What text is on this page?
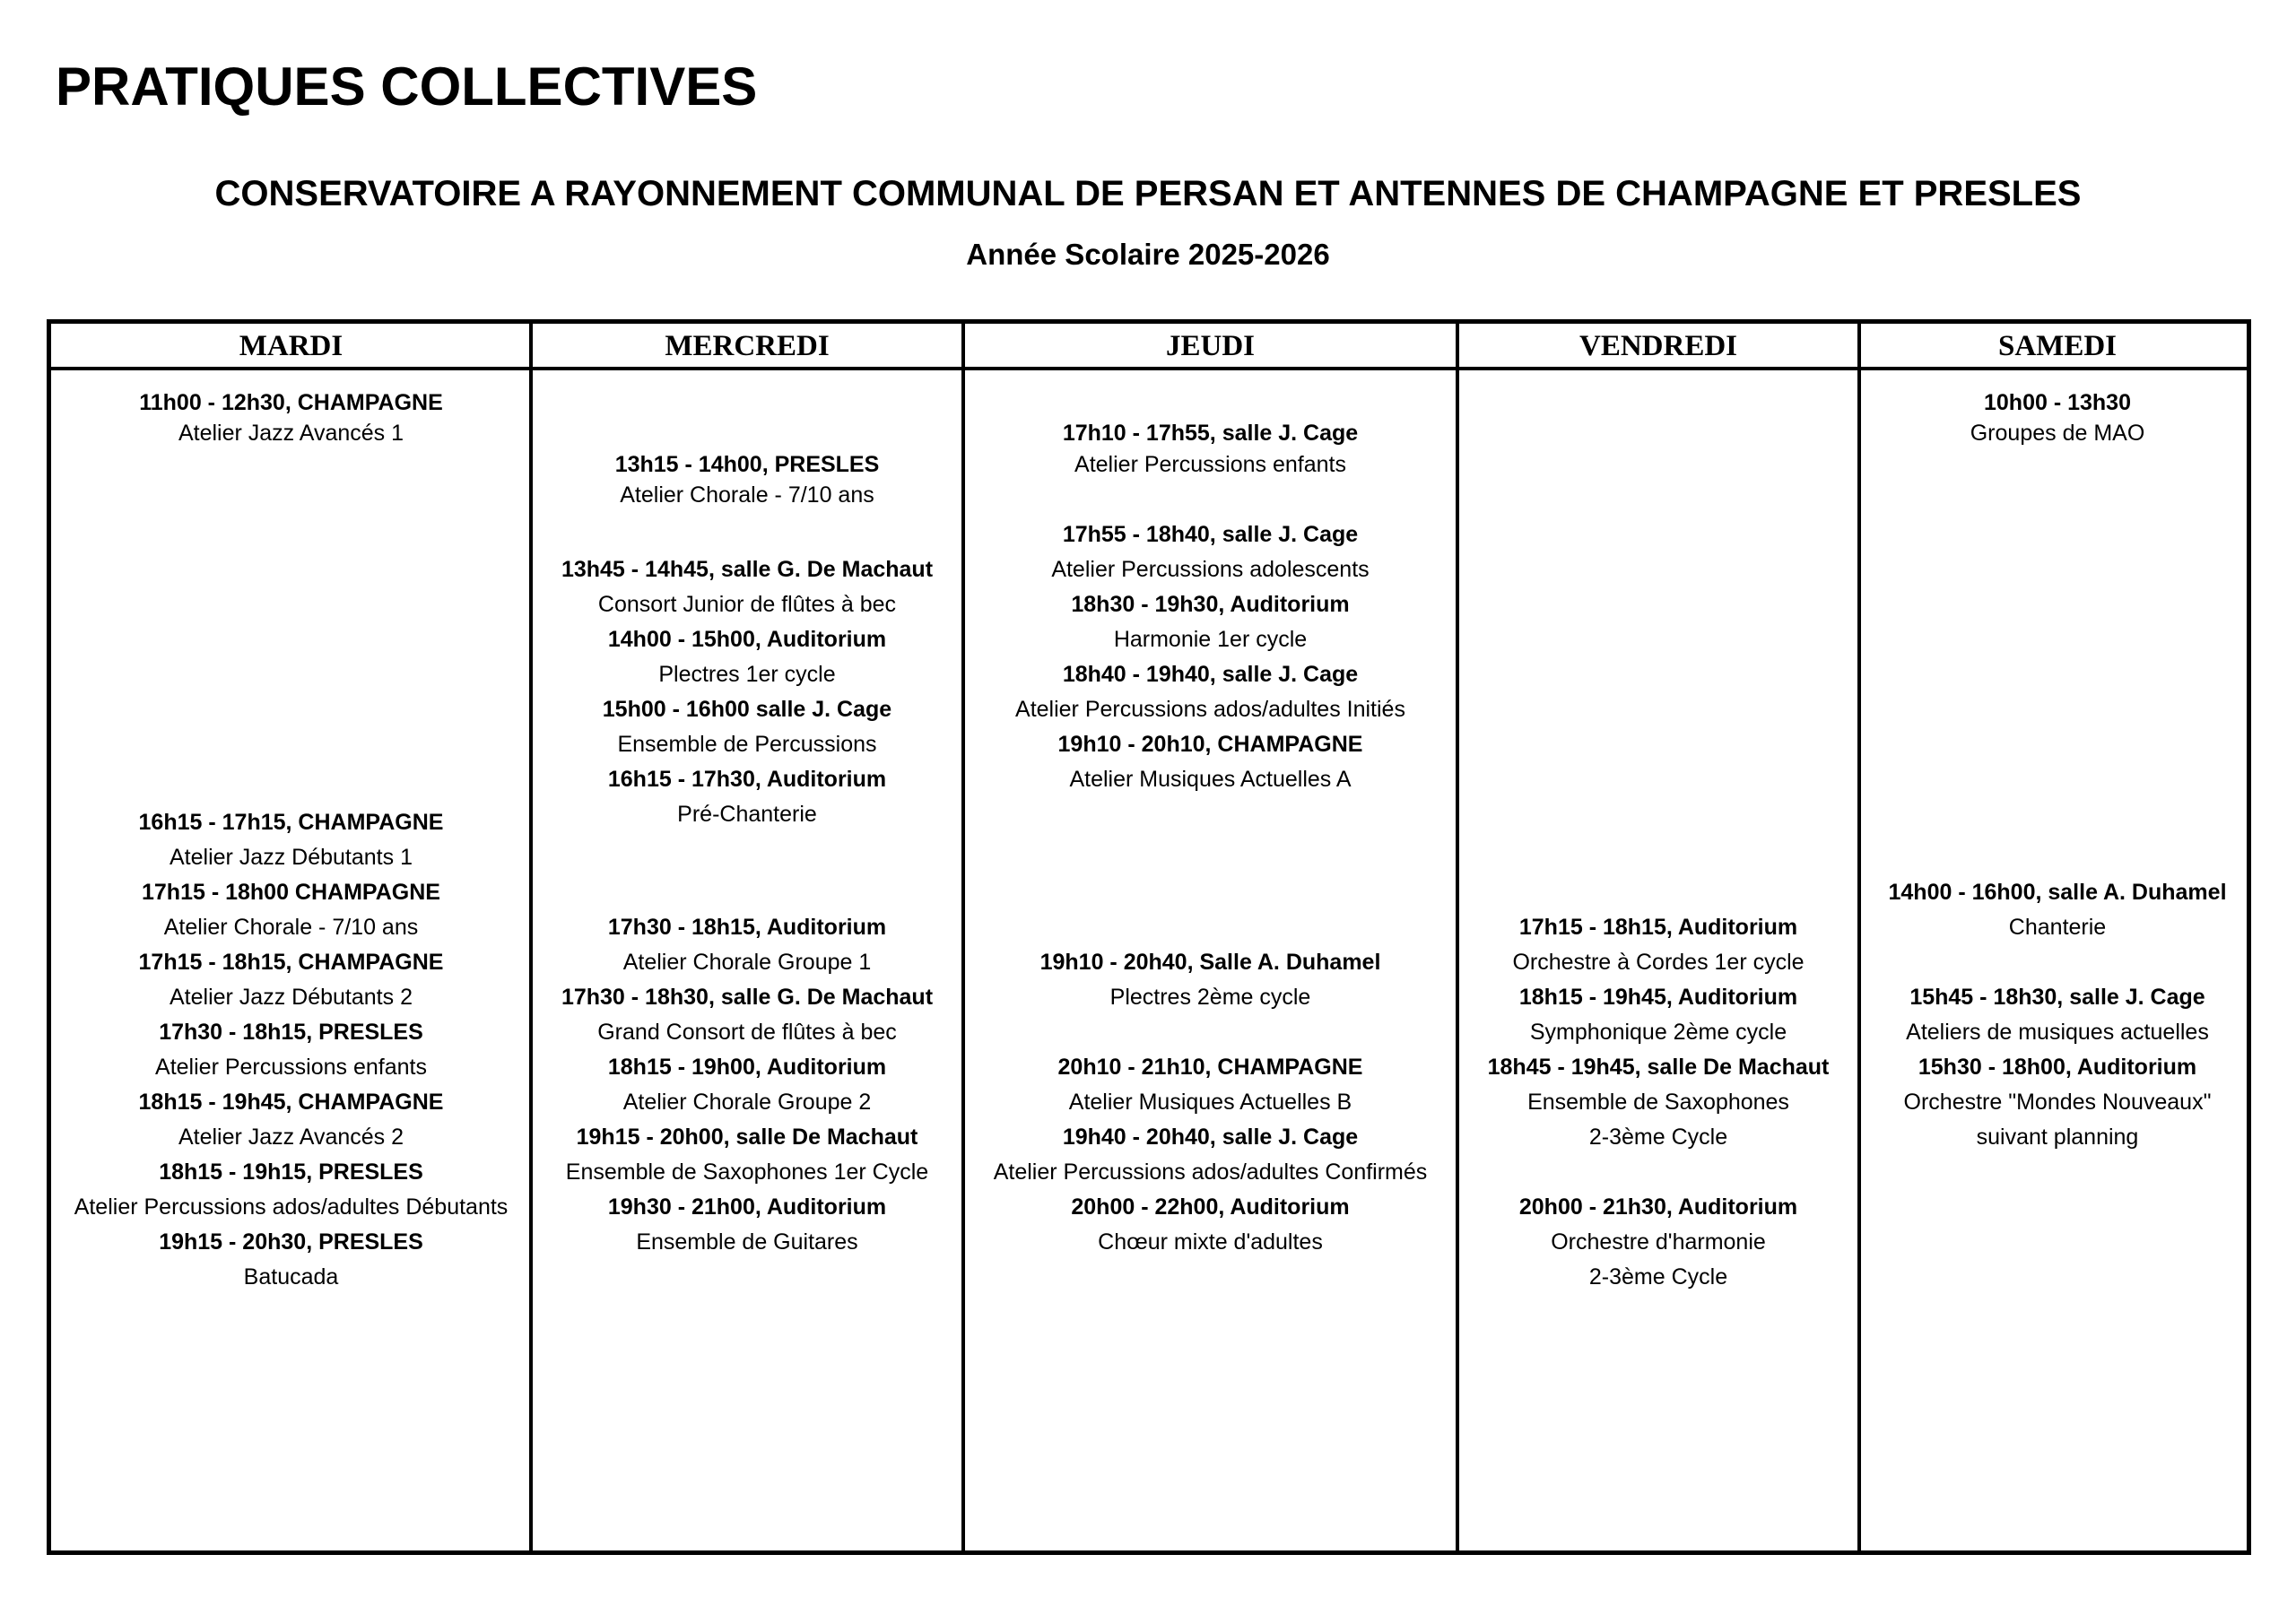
PRATIQUES COLLECTIVES
CONSERVATOIRE A RAYONNEMENT COMMUNAL DE PERSAN ET ANTENNES DE CHAMPAGNE ET PRESLES
Année Scolaire 2025-2026
MARDI
11h00 - 12h30, CHAMPAGNE
Atelier Jazz Avancés 1
16h15 - 17h15, CHAMPAGNE
Atelier Jazz Débutants 1
17h15 - 18h00 CHAMPAGNE
Atelier Chorale - 7/10 ans
17h15 - 18h15, CHAMPAGNE
Atelier Jazz Débutants 2
17h30 - 18h15, PRESLES
Atelier Percussions enfants
18h15 - 19h45, CHAMPAGNE
Atelier Jazz Avancés 2
18h15 - 19h15, PRESLES
Atelier Percussions ados/adultes Débutants
19h15 - 20h30, PRESLES
Batucada
MERCREDI
13h15 - 14h00, PRESLES
Atelier Chorale - 7/10 ans
13h45 - 14h45, salle G. De Machaut
Consort Junior de flûtes à bec
14h00 - 15h00, Auditorium
Plectres 1er cycle
15h00 - 16h00 salle J. Cage
Ensemble de Percussions
16h15 - 17h30, Auditorium
Pré-Chanterie
17h30 - 18h15, Auditorium
Atelier Chorale Groupe 1
17h30 - 18h30, salle G. De Machaut
Grand Consort de flûtes à bec
18h15 - 19h00, Auditorium
Atelier Chorale Groupe 2
19h15 - 20h00, salle De Machaut
Ensemble de Saxophones 1er Cycle
19h30 - 21h00, Auditorium
Ensemble de Guitares
JEUDI
17h10 - 17h55, salle J. Cage
Atelier Percussions enfants
17h55 - 18h40, salle J. Cage
Atelier Percussions adolescents
18h30 - 19h30, Auditorium
Harmonie 1er cycle
18h40 - 19h40, salle J. Cage
Atelier Percussions ados/adultes Initiés
19h10 - 20h10, CHAMPAGNE
Atelier Musiques Actuelles A
19h10 - 20h40, Salle A. Duhamel
Plectres 2ème cycle
20h10 - 21h10, CHAMPAGNE
Atelier Musiques Actuelles B
19h40 - 20h40, salle J. Cage
Atelier Percussions ados/adultes Confirmés
20h00 - 22h00, Auditorium
Chœur mixte d'adultes
VENDREDI
17h15 - 18h15, Auditorium
Orchestre à Cordes 1er cycle
18h15 - 19h45, Auditorium
Symphonique 2ème cycle
18h45 - 19h45, salle De Machaut
Ensemble de Saxophones
2-3ème Cycle
20h00 - 21h30, Auditorium
Orchestre d'harmonie
2-3ème Cycle
SAMEDI
10h00 - 13h30
Groupes de MAO
14h00 - 16h00, salle A. Duhamel
Chanterie
15h45 - 18h30, salle J. Cage
Ateliers de musiques actuelles
15h30 - 18h00, Auditorium
Orchestre "Mondes Nouveaux"
suivant planning
